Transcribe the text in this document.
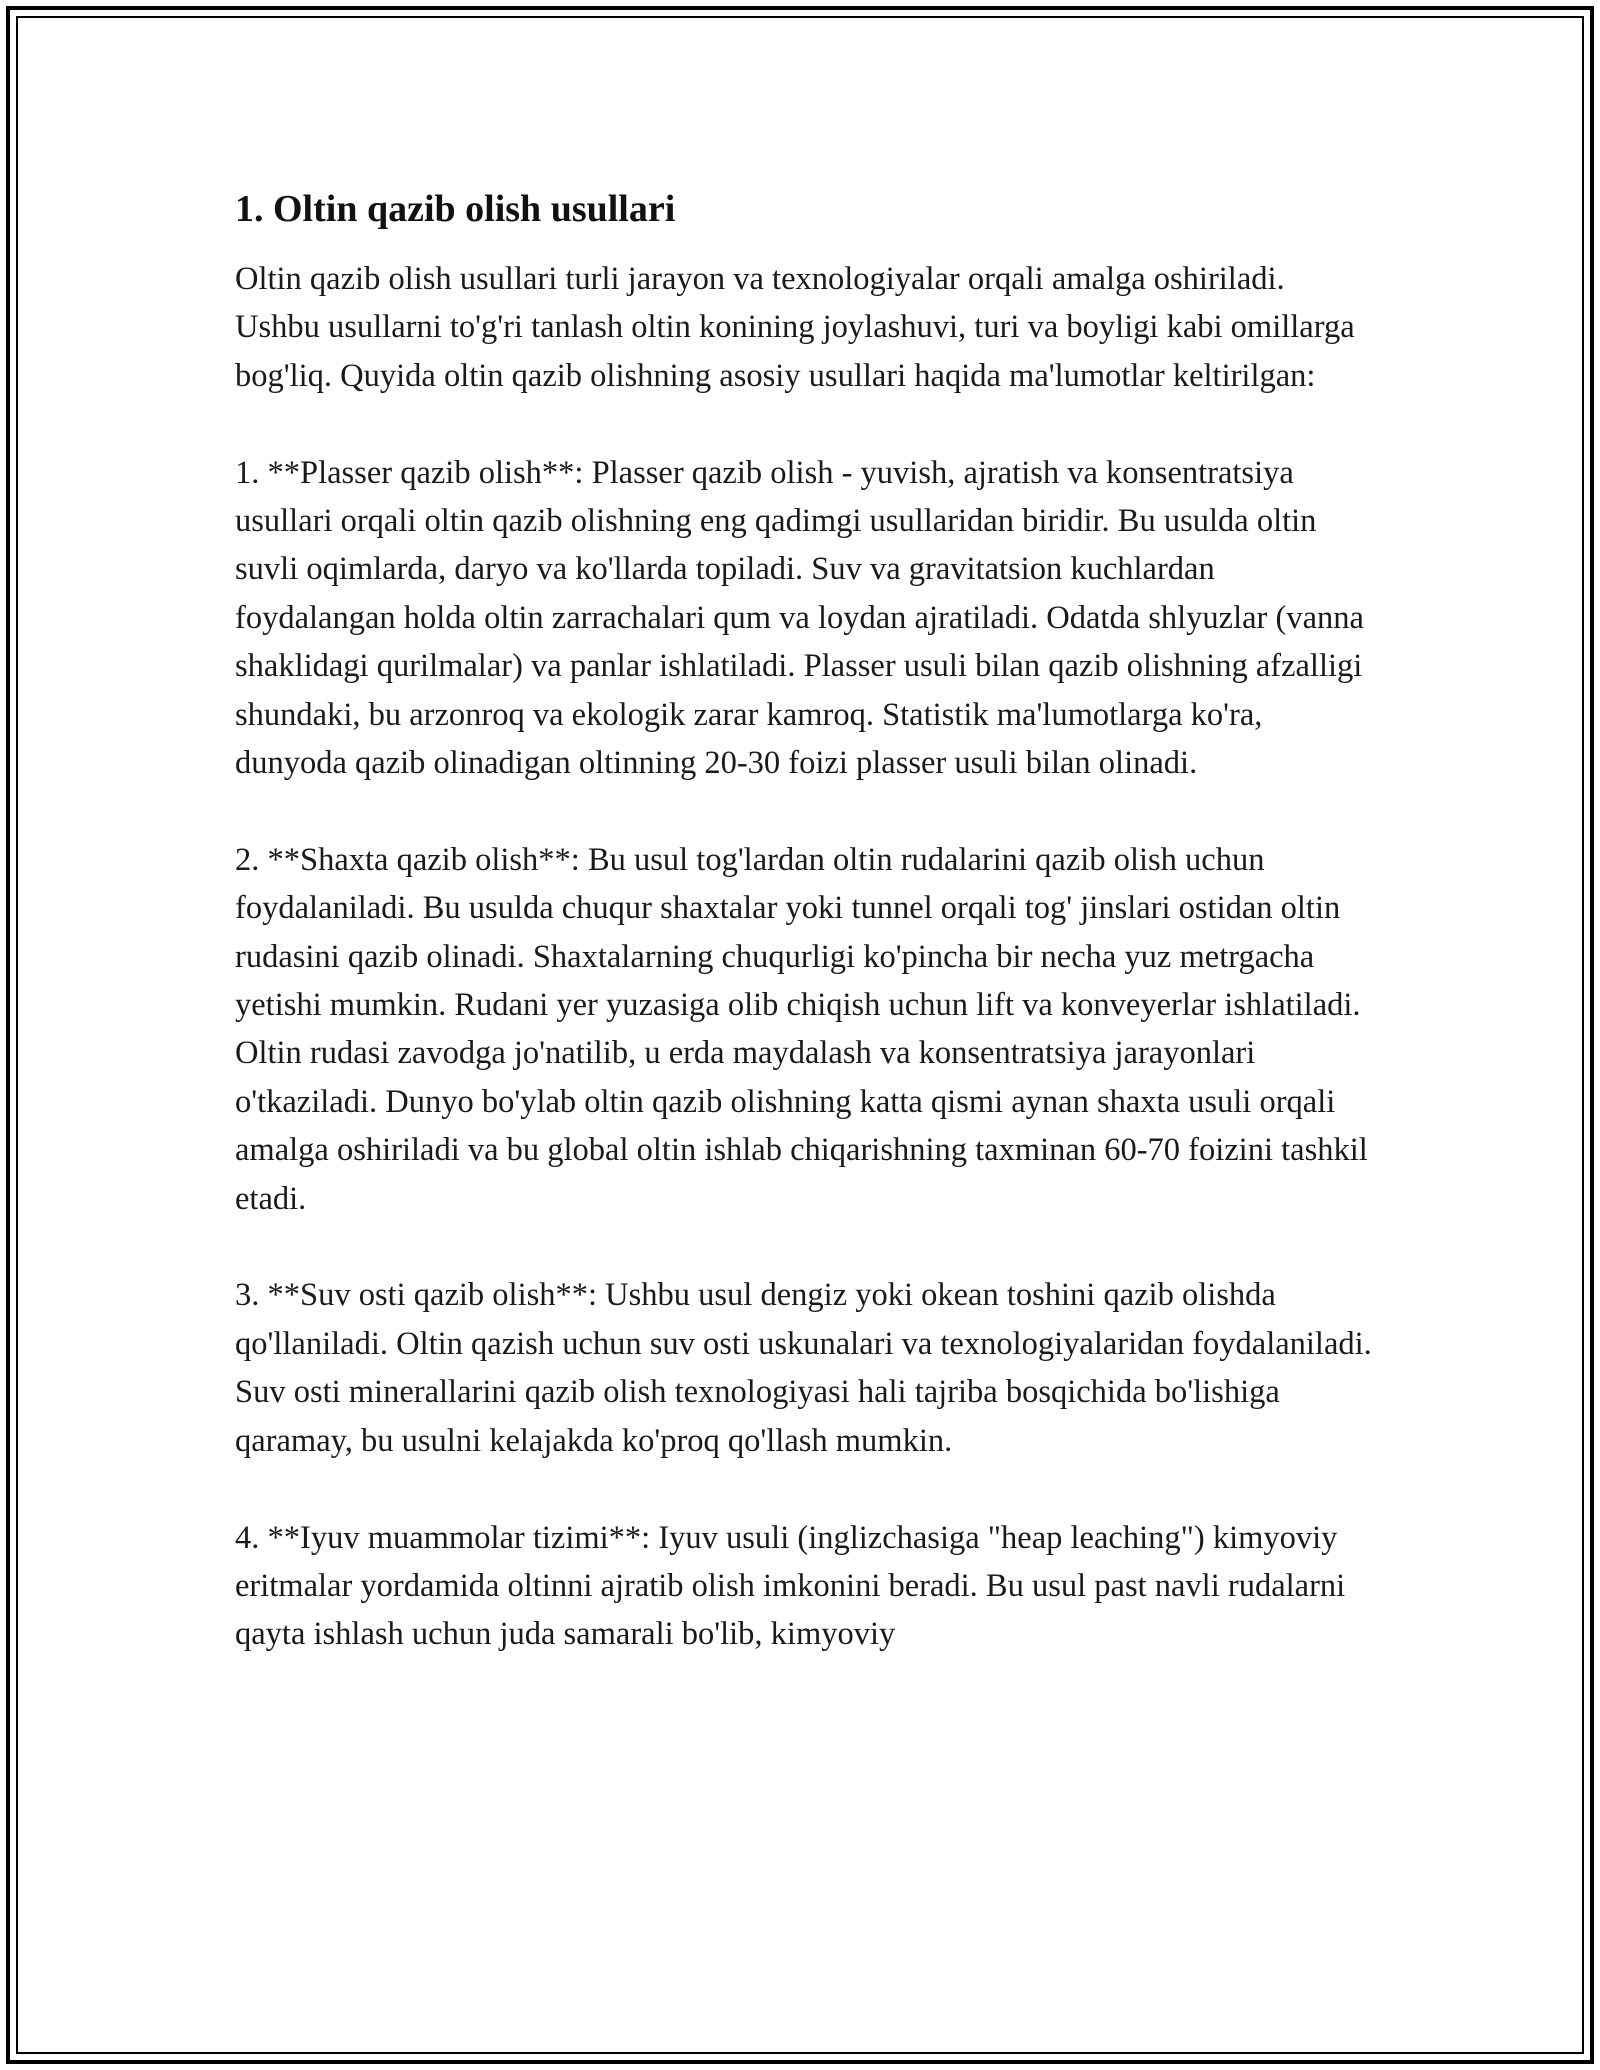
1. Oltin qazib olish usullari

Oltin qazib olish usullari turli jarayon va texnologiyalar orqali amalga oshiriladi. Ushbu usullarni to'g'ri tanlash oltin konining joylashuvi, turi va boyligi kabi omillarga bog'liq. Quyida oltin qazib olishning asosiy usullari haqida ma'lumotlar keltirilgan:

1. **Plasser qazib olish**: Plasser qazib olish - yuvish, ajratish va konsentratsiya usullari orqali oltin qazib olishning eng qadimgi usullaridan biridir. Bu usulda oltin suvli oqimlarda, daryo va ko'llarda topiladi. Suv va gravitatsion kuchlardan foydalangan holda oltin zarrachalari qum va loydan ajratiladi. Odatda shlyuzlar (vanna shaklidagi qurilmalar) va panlar ishlatiladi. Plasser usuli bilan qazib olishning afzalligi shundaki, bu arzonroq va ekologik zarar kamroq. Statistik ma'lumotlarga ko'ra, dunyoda qazib olinadigan oltinning 20-30 foizi plasser usuli bilan olinadi.

2. **Shaxta qazib olish**: Bu usul tog'lardan oltin rudalarini qazib olish uchun foydalaniladi. Bu usulda chuqur shaxtalar yoki tunnel orqali tog' jinslari ostidan oltin rudasini qazib olinadi. Shaxtalarning chuqurligi ko'pincha bir necha yuz metrgacha yetishi mumkin. Rudani yer yuzasiga olib chiqish uchun lift va konveyerlar ishlatiladi. Oltin rudasi zavodga jo'natilib, u erda maydalash va konsentratsiya jarayonlari o'tkaziladi. Dunyo bo'ylab oltin qazib olishning katta qismi aynan shaxta usuli orqali amalga oshiriladi va bu global oltin ishlab chiqarishning taxminan 60-70 foizini tashkil etadi.

3. **Suv osti qazib olish**: Ushbu usul dengiz yoki okean toshini qazib olishda qo'llaniladi. Oltin qazish uchun suv osti uskunalari va texnologiyalaridan foydalaniladi. Suv osti minerallarini qazib olish texnologiyasi hali tajriba bosqichida bo'lishiga qaramay, bu usulni kelajakda ko'proq qo'llash mumkin.

4. **Iyuv muammolar tizimi**: Iyuv usuli (inglizchasiga "heap leaching") kimyoviy eritmalar yordamida oltinni ajratib olish imkonini beradi. Bu usul past navli rudalarni qayta ishlash uchun juda samarali bo'lib, kimyoviy
